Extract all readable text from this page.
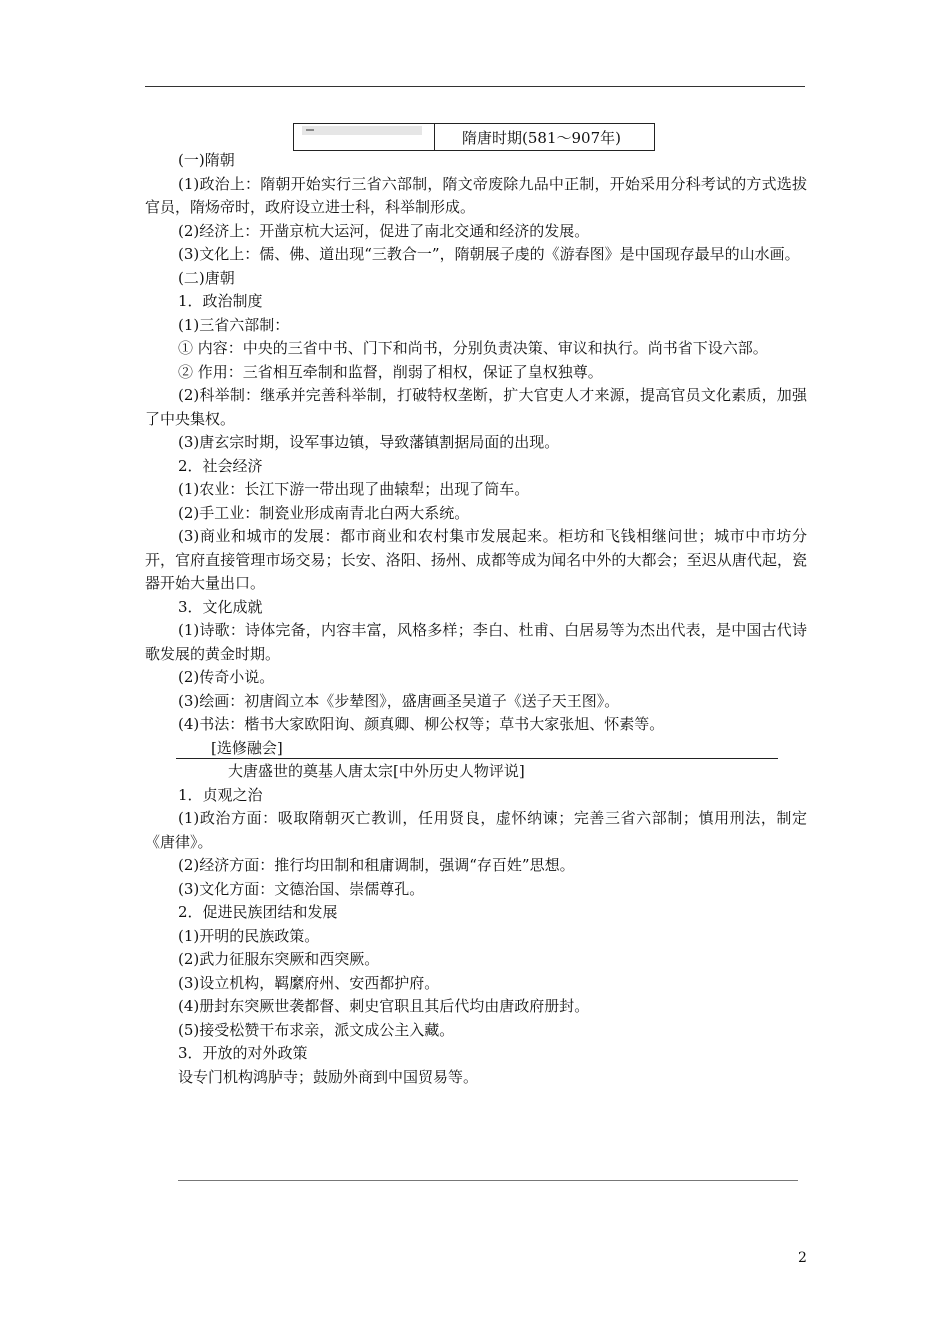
隋唐时期(581～907年)

(一)隋朝

(1)政治上：隋朝开始实行三省六部制，隋文帝废除九品中正制，开始采用分科考试的方式选拔官员，隋炀帝时，政府设立进士科，科举制形成。

(2)经济上：开凿京杭大运河，促进了南北交通和经济的发展。

(3)文化上：儒、佛、道出现“三教合一”，隋朝展子虔的《游春图》是中国现存最早的山水画。

(二)唐朝

1．政治制度

(1)三省六部制：

① 内容：中央的三省中书、门下和尚书，分别负责决策、审议和执行。尚书省下设六部。

② 作用：三省相互牵制和监督，削弱了相权，保证了皇权独尊。

(2)科举制：继承并完善科举制，打破特权垄断，扩大官吏人才来源，提高官员文化素质，加强了中央集权。

(3)唐玄宗时期，设军事边镇，导致藩镇割据局面的出现。

2．社会经济

(1)农业：长江下游一带出现了曲辕犁；出现了筒车。

(2)手工业：制瓷业形成南青北白两大系统。

(3)商业和城市的发展：都市商业和农村集市发展起来。柜坊和飞钱相继问世；城市中市坊分开，官府直接管理市场交易；长安、洛阳、扬州、成都等成为闻名中外的大都会；至迟从唐代起，瓷器开始大量出口。

3．文化成就

(1)诗歌：诗体完备，内容丰富，风格多样；李白、杜甫、白居易等为杰出代表，是中国古代诗歌发展的黄金时期。

(2)传奇小说。

(3)绘画：初唐阎立本《步辇图》，盛唐画圣吴道子《送子天王图》。

(4)书法：楷书大家欧阳询、颜真卿、柳公权等；草书大家张旭、怀素等。

[选修融会]

大唐盛世的奠基人唐太宗[中外历史人物评说]

1．贞观之治

(1)政治方面：吸取隋朝灭亡教训，任用贤良，虚怀纳谏；完善三省六部制；慎用刑法，制定《唐律》。

(2)经济方面：推行均田制和租庸调制，强调“存百姓”思想。

(3)文化方面：文德治国、崇儒尊孔。

2．促进民族团结和发展

(1)开明的民族政策。

(2)武力征服东突厥和西突厥。

(3)设立机构，羁縻府州、安西都护府。

(4)册封东突厥世袭都督、刺史官职且其后代均由唐政府册封。

(5)接受松赞干布求亲，派文成公主入藏。

3．开放的对外政策

设专门机构鸿胪寺；鼓励外商到中国贸易等。

2
